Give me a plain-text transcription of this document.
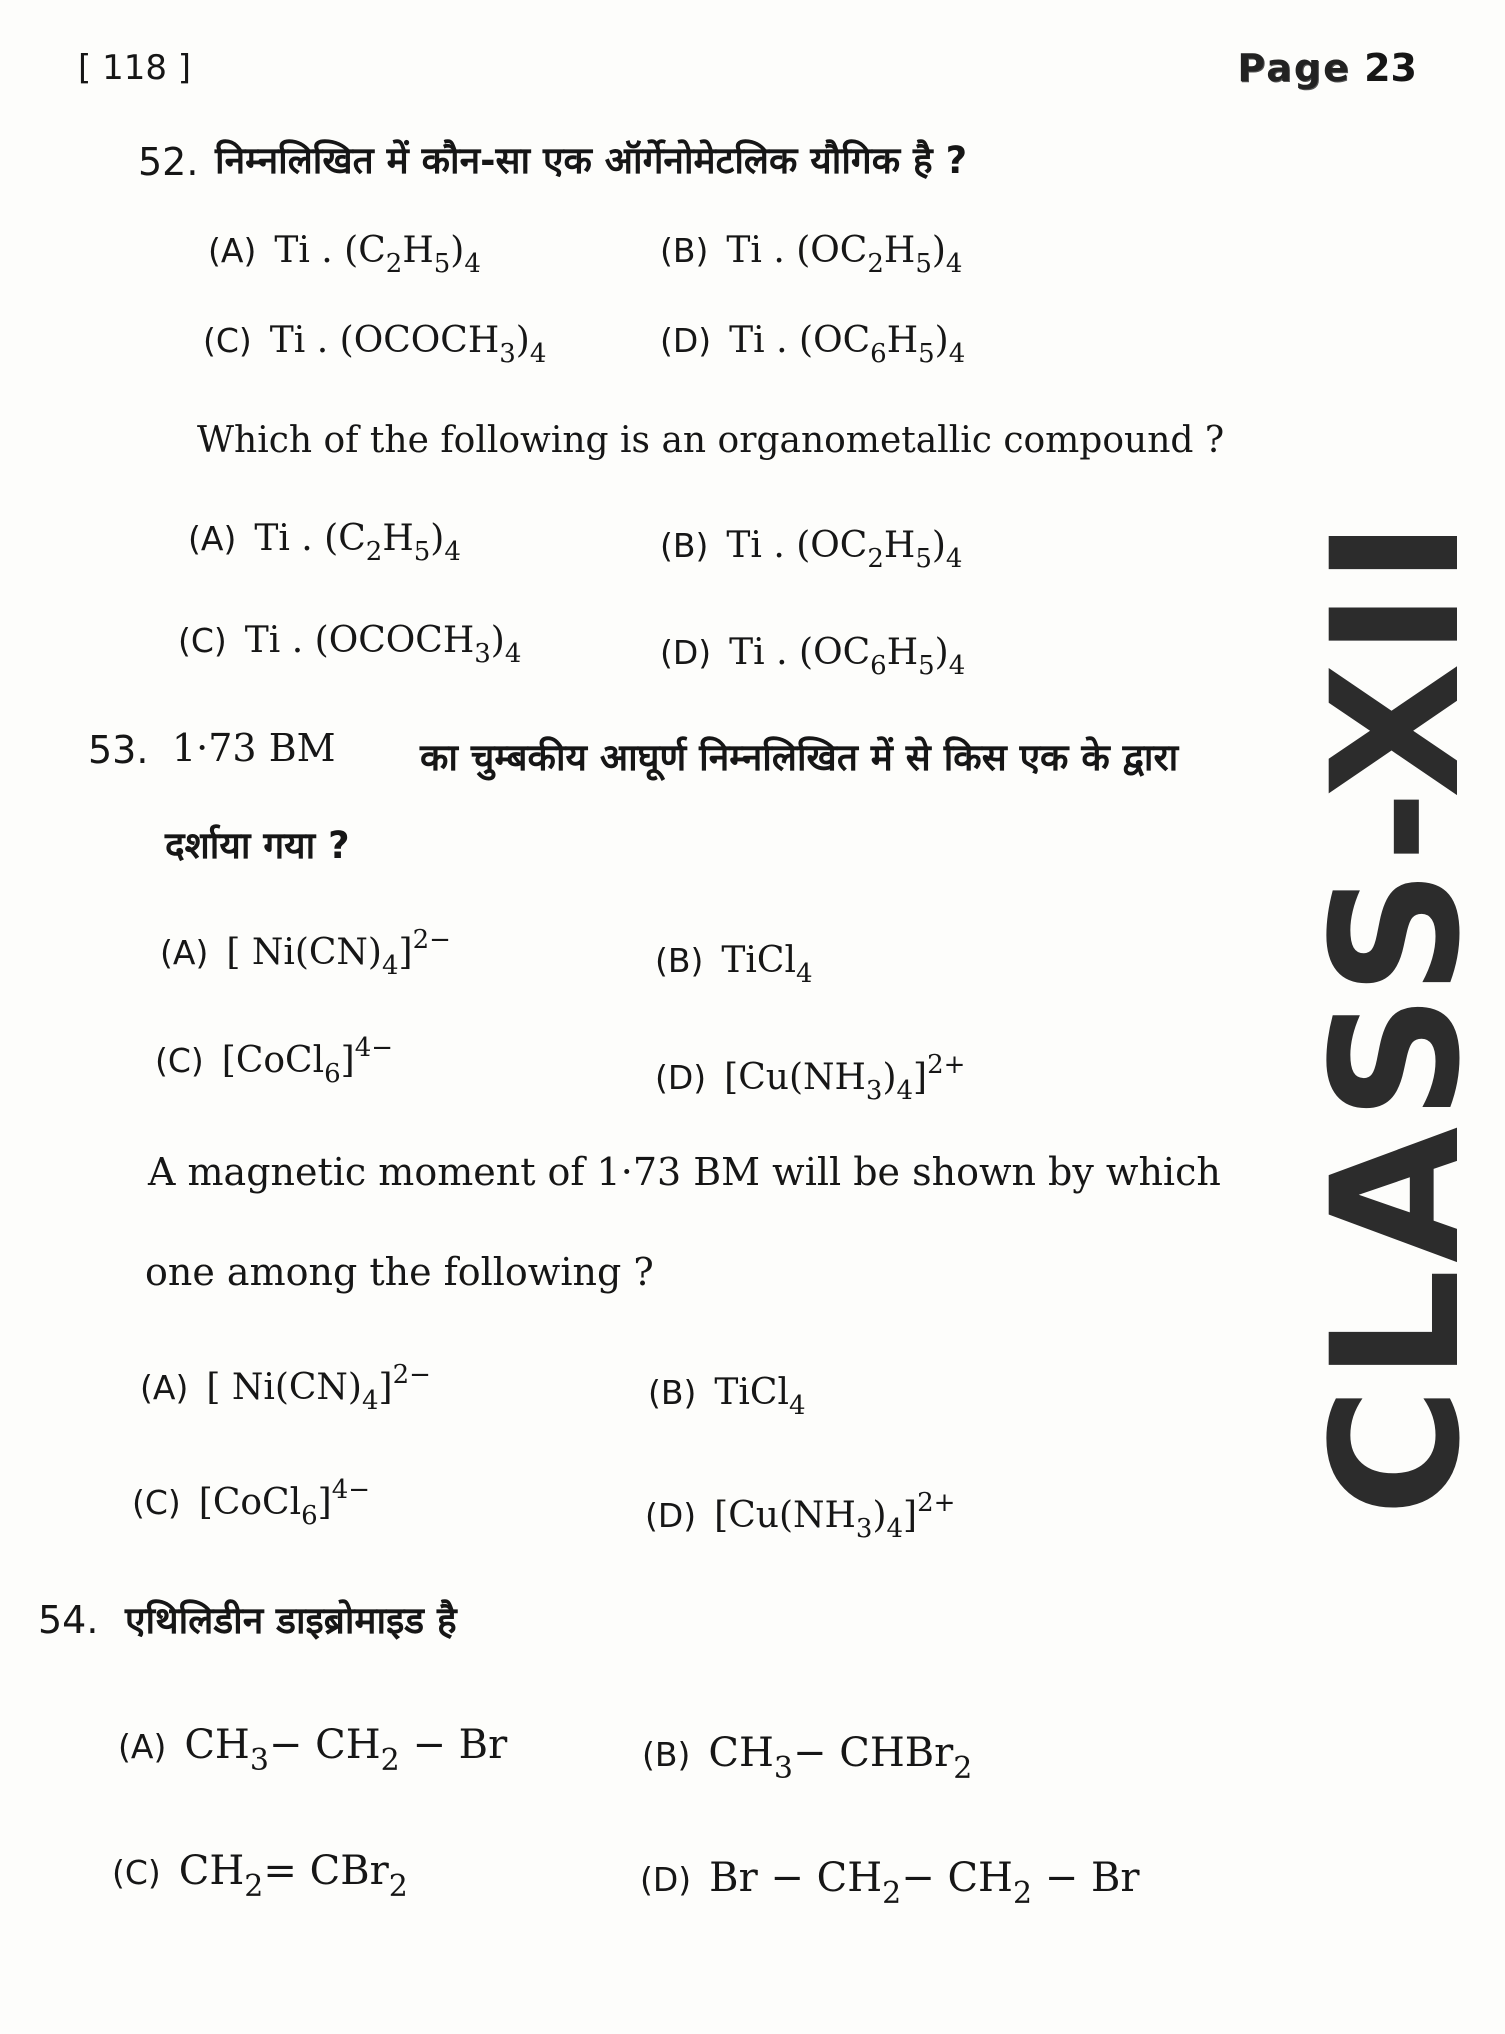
[ 118 ]	Page 23
52. निम्नलिखित में कौन-सा एक ऑर्गेनोमेटलिक यौगिक है ?
(A) Ti . $(C_2H_5)_4$	(B) Ti . $(OC_2H_5)_4$
(C) Ti . $(OCOCH_3)_4$	(D) Ti . $(OC_6H_5)_4$
Which of the following is an organometallic compound ?
(A) Ti . $(C_2H_5)_4$	(B) Ti . $(OC_2H_5)_4$
(C) Ti . $(OCOCH_3)_4$	(D) Ti . $(OC_6H_5)_4$
53. 1·73 BM का चुम्बकीय आघूर्ण निम्नलिखित में से किस एक के द्वारा
दर्शाया गया ?
(A) [ $Ni(CN)_4]^{2-}$
(B) TiCl$_4$
(C) [CoCl$_6$]$^{4-}$
(D) $[Cu(NH_3)_4]^{2+}$
A magnetic moment of 1·73 BM will be shown by which
one among the following ?
(A) [ $Ni(CN)_4]^{2-}$	(B) TiCl$_4$
(C) [CoCl$_6$]$^{4-}$
(D) $[Cu(NH_3)_4]^{2+}$
54. एथिलिडीन डाइब्रोमाइड है
(A) $CH_3- CH_2 - Br$	(B) $CH_3-$ CHBr$_2$
(C) $CH_2= CBr_2$	(D) $Br - CH_2- CH_2 - Br$
CLASS-XII
